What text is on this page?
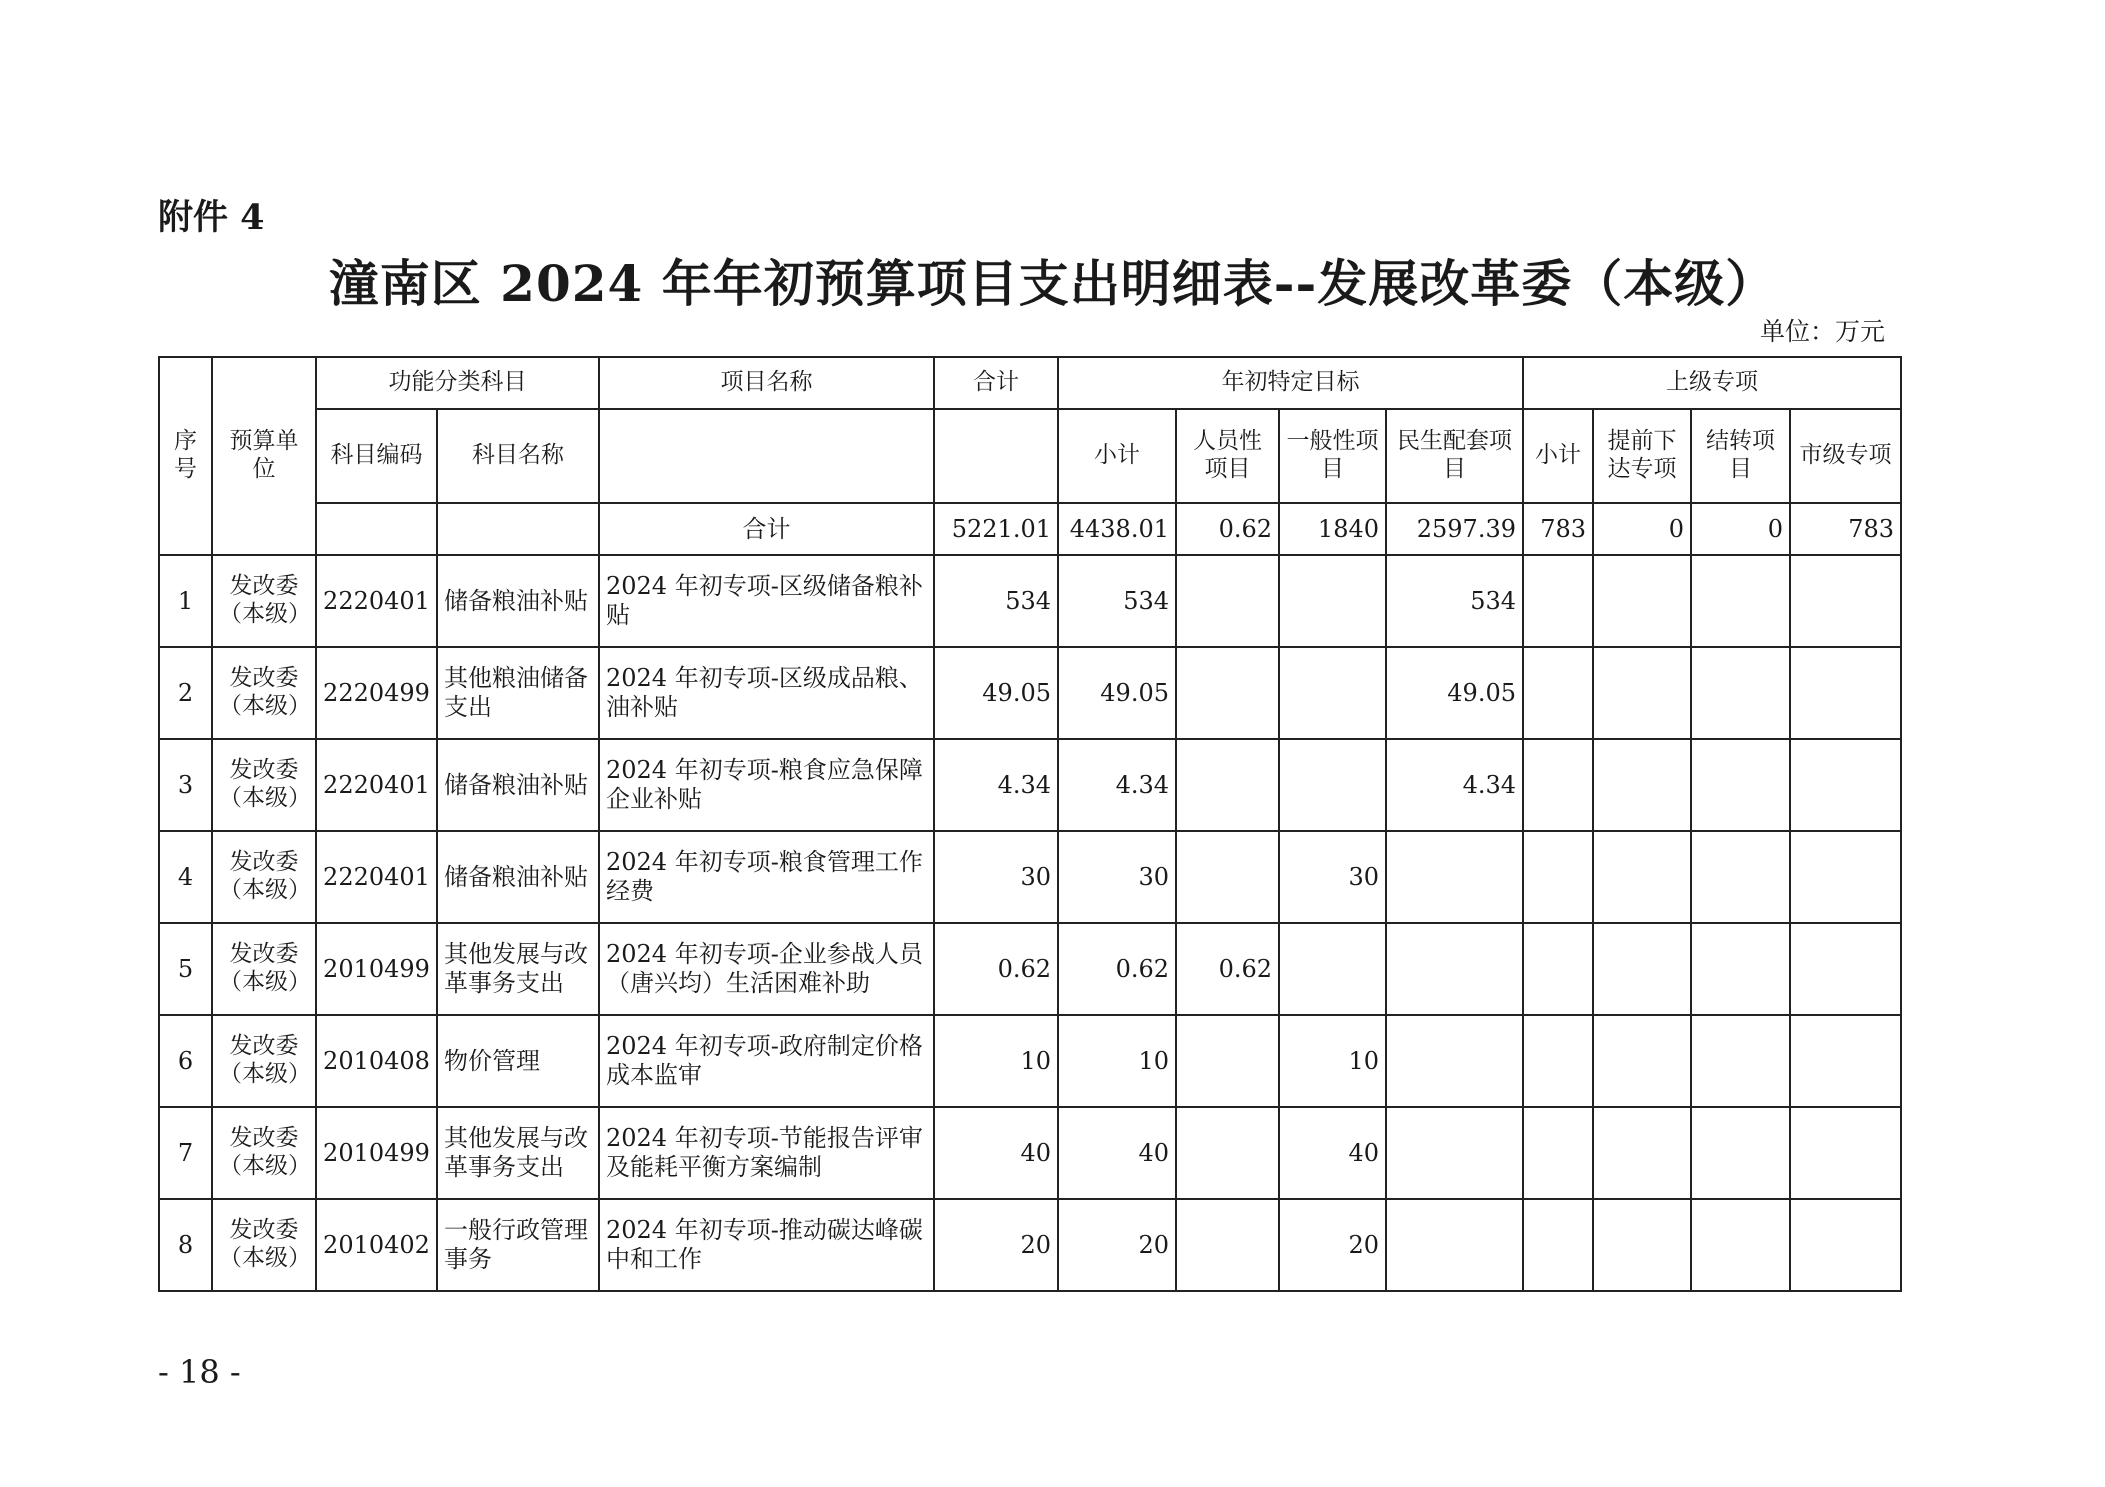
附件 4
潼南区 2024 年年初预算项目支出明细表--发展改革委（本级）
单位：万元
序号	预算单位	功能分类科目		项目名称	合计	年初特定目标				上级专项			
		科目编码	科目名称			小计	人员性项目	一般性项目	民生配套项目	小计	提前下达专项	结转项目	市级专项
				合计	5221.01	4438.01	0.62	1840	2597.39	783	0	0	783
1	发改委（本级）	2220401	储备粮油补贴	2024 年初专项-区级储备粮补贴	534	534			534				
2	发改委（本级）	2220499	其他粮油储备支出	2024 年初专项-区级成品粮、油补贴	49.05	49.05			49.05				
3	发改委（本级）	2220401	储备粮油补贴	2024 年初专项-粮食应急保障企业补贴	4.34	4.34			4.34				
4	发改委（本级）	2220401	储备粮油补贴	2024 年初专项-粮食管理工作经费	30	30		30					
5	发改委（本级）	2010499	其他发展与改革事务支出	2024 年初专项-企业参战人员（唐兴均）生活困难补助	0.62	0.62	0.62						
6	发改委（本级）	2010408	物价管理	2024 年初专项-政府制定价格成本监审	10	10		10					
7	发改委（本级）	2010499	其他发展与改革事务支出	2024 年初专项-节能报告评审及能耗平衡方案编制	40	40		40					
8	发改委（本级）	2010402	一般行政管理事务	2024 年初专项-推动碳达峰碳中和工作	20	20		20					
- 18 -
